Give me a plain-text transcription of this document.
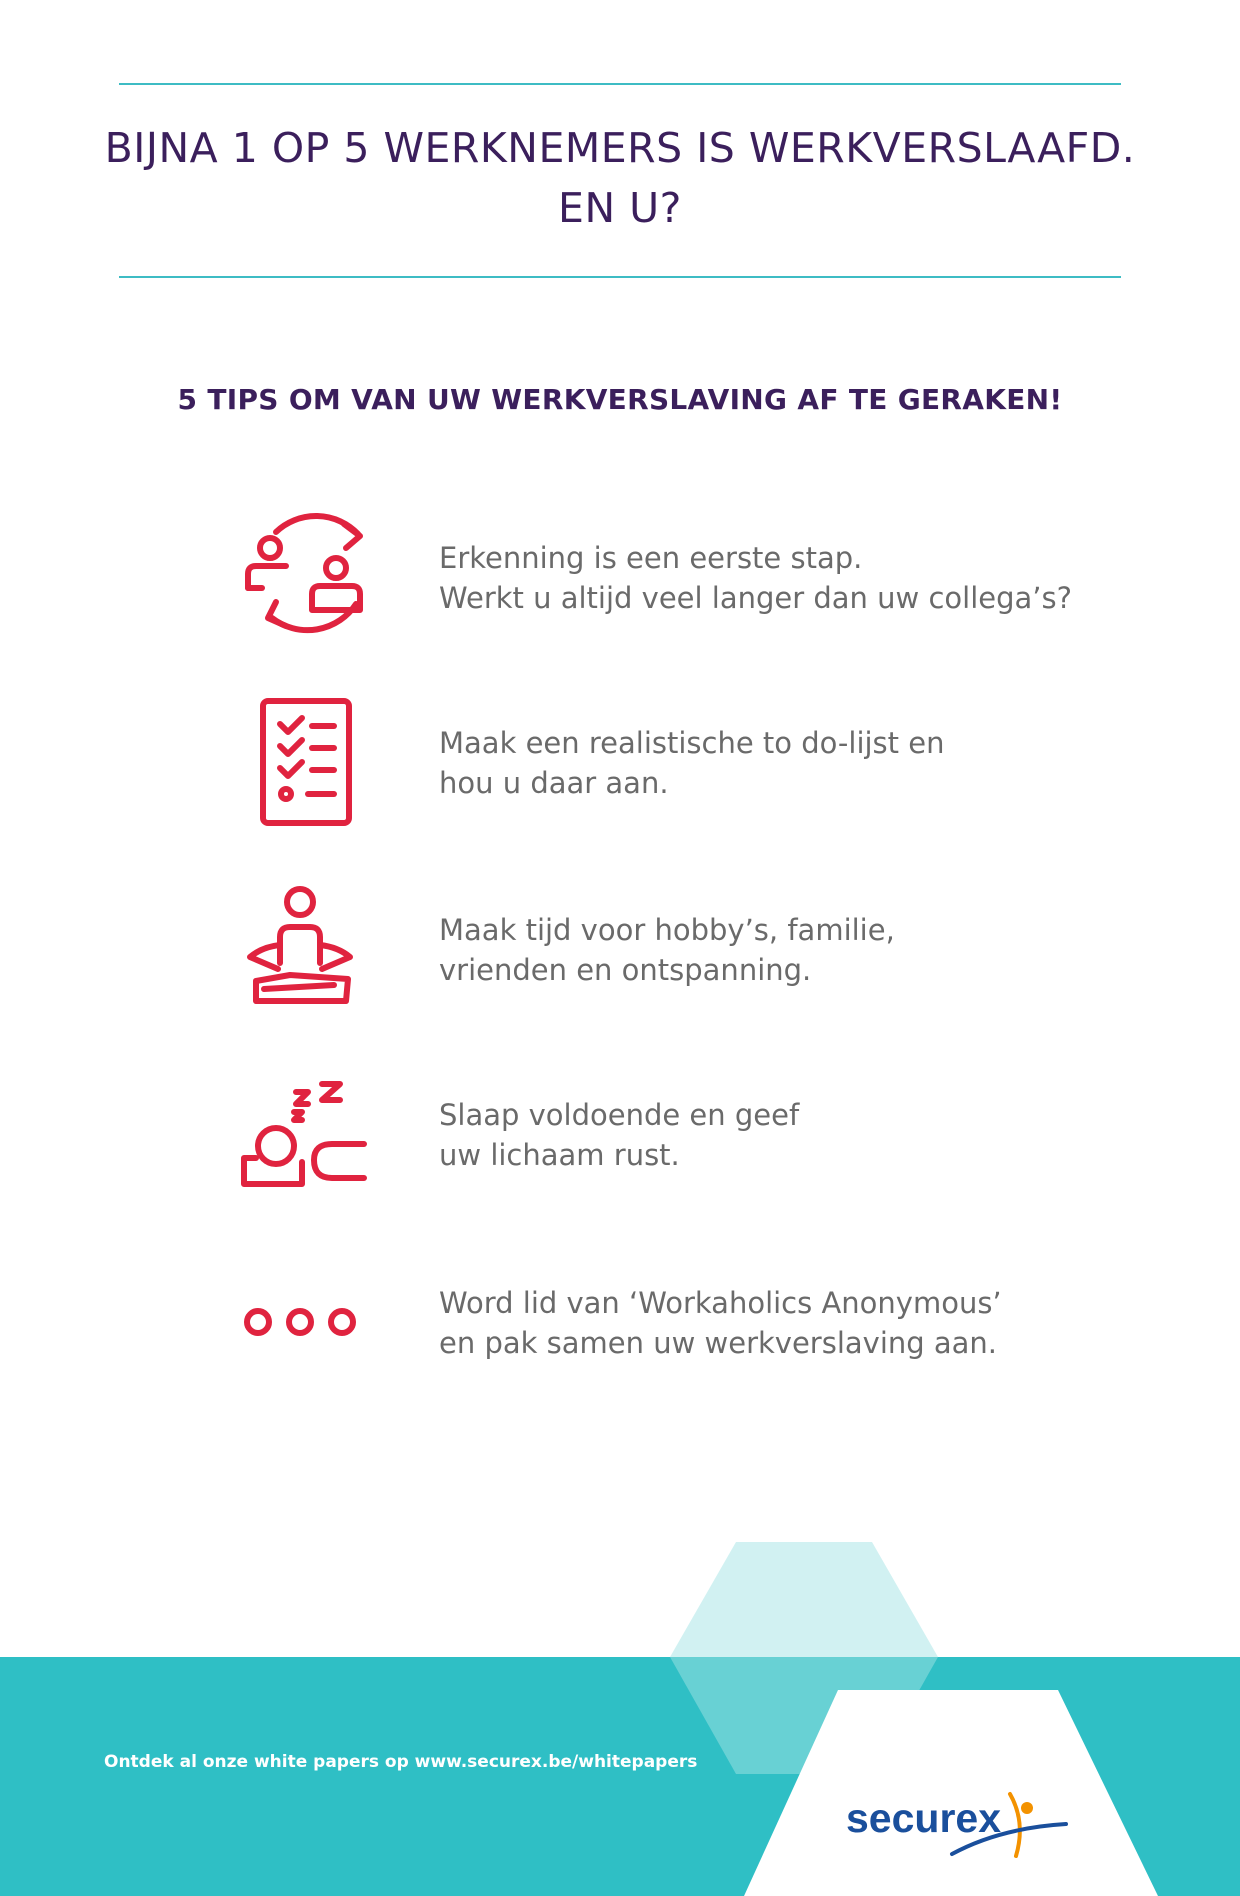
BIJNA 1 OP 5 WERKNEMERS IS WERKVERSLAAFD.
EN U?
5 TIPS OM VAN UW WERKVERSLAVING AF TE GERAKEN!

Erkenning is een eerste stap.
Werkt u altijd veel langer dan uw collega’s?

Maak een realistische to do-lijst en
hou u daar aan.

Maak tijd voor hobby’s, familie,
vrienden en ontspanning.

Slaap voldoende en geef
uw lichaam rust.

Word lid van ‘Workaholics Anonymous’
en pak samen uw werkverslaving aan.

Ontdek al onze white papers op www.securex.be/whitepapers

securex
